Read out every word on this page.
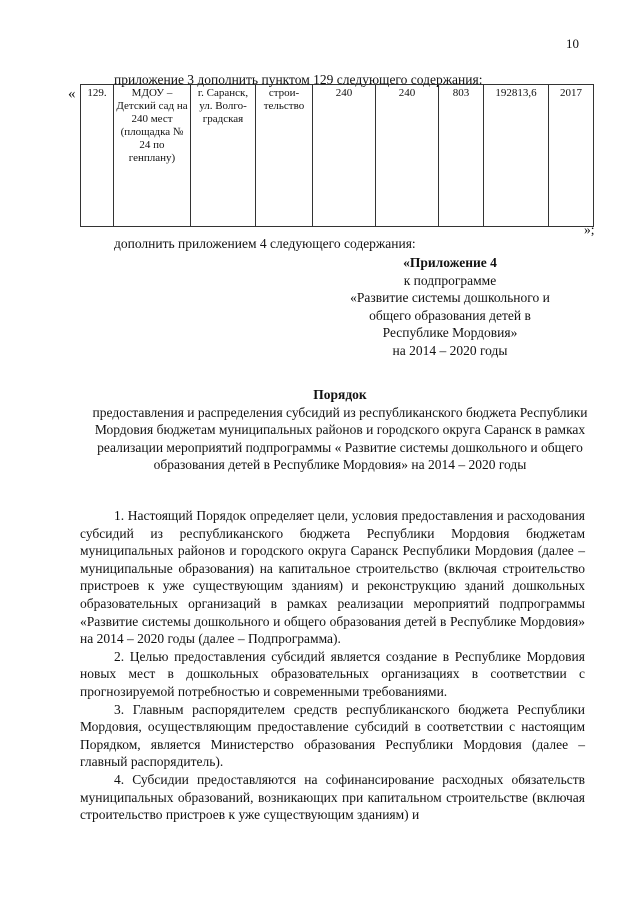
10
приложение 3 дополнить пунктом 129 следующего содержания:
« 129.	МДОУ – Детский сад на 240 мест (площадка № 24 по генплану)	г. Саранск, ул. Волго-градская	строи-тельство	240	240	803	192813,6	2017
»;
дополнить приложением 4 следующего содержания:
«Приложение 4
к подпрограмме
«Развитие системы дошкольного и
общего образования детей в
Республике Мордовия»
на 2014 – 2020 годы
Порядок
предоставления и распределения субсидий из республиканского бюджета Республики Мордовия бюджетам муниципальных районов и городского округа Саранск в рамках реализации мероприятий подпрограммы « Развитие системы дошкольного и общего образования детей в Республике Мордовия» на 2014 – 2020 годы

1. Настоящий Порядок определяет цели, условия предоставления и расходования субсидий из республиканского бюджета Республики Мордовия бюджетам муниципальных районов и городского округа Саранск Республики Мордовия (далее – муниципальные образования) на капитальное строительство (включая строительство пристроев к уже существующим зданиям) и реконструкцию зданий дошкольных образовательных организаций в рамках реализации мероприятий подпрограммы «Развитие системы дошкольного и общего образования детей в Республике Мордовия» на 2014 – 2020 годы (далее – Подпрограмма).

2. Целью предоставления субсидий является создание в Республике Мордовия новых мест в дошкольных образовательных организациях в соответствии с прогнозируемой потребностью и современными требованиями.

3. Главным распорядителем средств республиканского бюджета Республики Мордовия, осуществляющим предоставление субсидий в соответствии с настоящим Порядком, является Министерство образования Республики Мордовия (далее – главный распорядитель).

4. Субсидии предоставляются на софинансирование расходных обязательств муниципальных образований, возникающих при капитальном строительстве (включая строительство пристроев к уже существующим зданиям) и
